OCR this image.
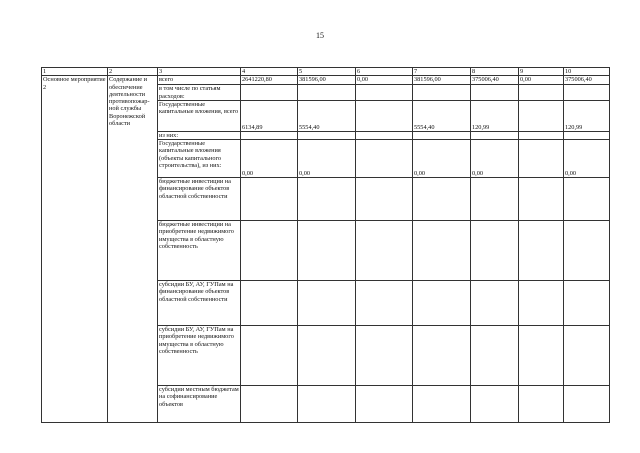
15
1	2	3	4	5	6	7	8	9	10
Основное мероприятие 2	Содержание и обеспечение деятельности противопожар-ной службы Воронежской области	всего	2641220,80	381596,00	0,00	381596,00	375006,40	0,00	375006,40
		в том числе по статьям расходов:							
		Государственные капитальные вложения, всего	6134,89	5554,40		5554,40	120,99		120,99
		из них:							
		Государственные капитальные вложения (объекты капитального строительства), из них:	0,00	0,00		0,00	0,00		0,00
		бюджетные инвестиции на финансирование объектов областной собственности							
		бюджетные инвестиции на приобретение недвижимого имущества в областную собственность							
		субсидии БУ, АУ, ГУПам на финансирование объектов областной собственности							
		субсидии БУ, АУ, ГУПам на приобретение недвижимого имущества в областную собственность							
		субсидии местным бюджетам на софинансирование объектов							
